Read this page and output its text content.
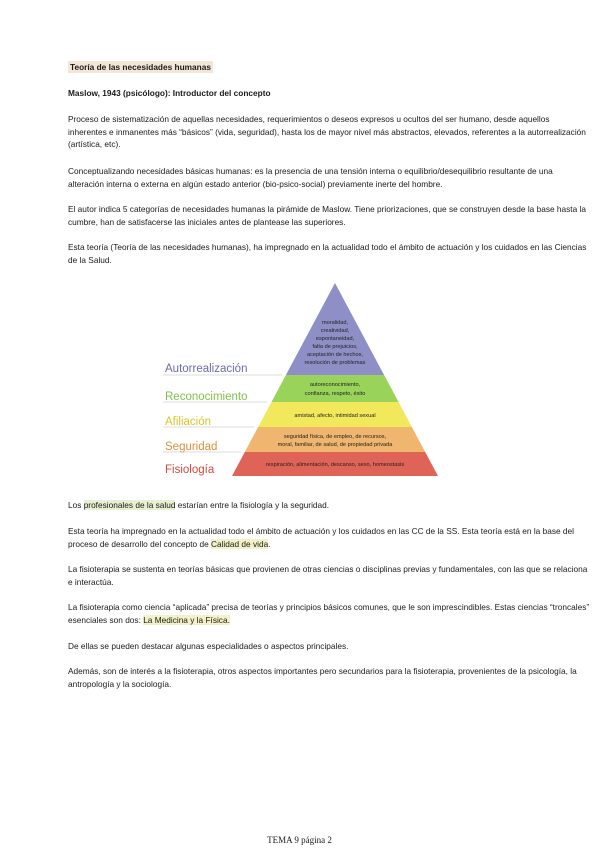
Teoría de las necesidades humanas

Maslow, 1943 (psicólogo): Introductor del concepto

Proceso de sistematización de aquellas necesidades, requerimientos o deseos expresos u ocultos del ser humano, desde aquellos inherentes e inmanentes más “básicos” (vida, seguridad), hasta los de mayor nivel más abstractos, elevados, referentes a la autorrealización (artística, etc).

Conceptualizando necesidades básicas humanas: es la presencia de una tensión interna o equilibrio/desequilibrio resultante de una alteración interna o externa en algún estado anterior (bio-psico-social) previamente inerte del hombre.

El autor indica 5 categorías de necesidades humanas la pirámide de Maslow. Tiene priorizaciones, que se construyen desde la base hasta la cumbre, han de satisfacerse las iniciales antes de plantease las superiores.

Esta teoría (Teoría de las necesidades humanas), ha impregnado en la actualidad todo el ámbito de actuación y los cuidados en las Ciencias de la Salud.

Autorrealización
Reconocimiento
Afiliación
Seguridad
Fisiología
moralidad,
creatividad,
espontaneidad,
falta de prejuicios,
aceptación de hechos,
resolución de problemas
autoreconocimiento,
confianza, respeto, éxito
amistad, afecto, intimidad sexual
seguridad física, de empleo, de recursos,
moral, familiar, de salud, de propiedad privada
respiración, alimentación, descanso, sexo, homeostasis

Los profesionales de la salud estarían entre la fisiología y la seguridad.

Esta teoría ha impregnado en la actualidad todo el ámbito de actuación y los cuidados en las CC de la SS. Esta teoría está en la base del proceso de desarrollo del concepto de Calidad de vida.

La fisioterapia se sustenta en teorías básicas que provienen de otras ciencias o disciplinas previas y fundamentales, con las que se relaciona e interactúa.

La fisioterapia como ciencia “aplicada” precisa de teorías y principios básicos comunes, que le son imprescindibles. Estas ciencias “troncales” esenciales son dos: La Medicina y la Física.

De ellas se pueden destacar algunas especialidades o aspectos principales.

Además, son de interés a la fisioterapia, otros aspectos importantes pero secundarios para la fisioterapia, provenientes de la psicología, la antropología y la sociología.

TEMA 9 página 2
